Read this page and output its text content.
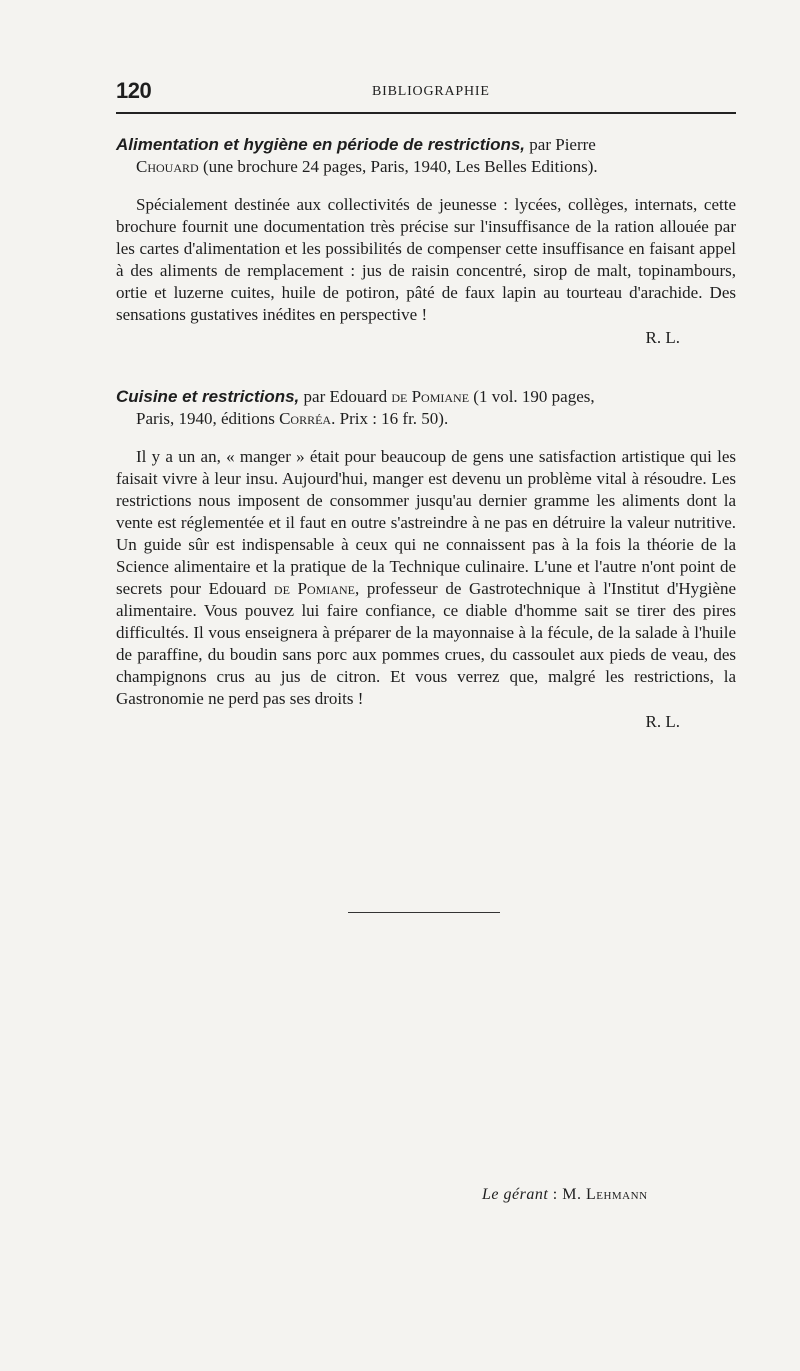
120	BIBLIOGRAPHIE

Alimentation et hygiène en période de restrictions, par Pierre
Chouard (une brochure 24 pages, Paris, 1940, Les Belles Editions).

Spécialement destinée aux collectivités de jeunesse : lycées, collèges, internats, cette brochure fournit une documentation très précise sur l'insuffisance de la ration allouée par les cartes d'alimentation et les possibilités de compenser cette insuffisance en faisant appel à des aliments de remplacement : jus de raisin concentré, sirop de malt, topinambours, ortie et luzerne cuites, huile de potiron, pâté de faux lapin au tourteau d'arachide. Des sensations gustatives inédites en perspective !

R. L.

Cuisine et restrictions, par Edouard de Pomiane (1 vol. 190 pages,
Paris, 1940, éditions Corréa. Prix : 16 fr. 50).

Il y a un an, « manger » était pour beaucoup de gens une satisfaction artistique qui les faisait vivre à leur insu. Aujourd'hui, manger est devenu un problème vital à résoudre. Les restrictions nous imposent de consommer jusqu'au dernier gramme les aliments dont la vente est réglementée et il faut en outre s'astreindre à ne pas en détruire la valeur nutritive. Un guide sûr est indispensable à ceux qui ne connaissent pas à la fois la théorie de la Science alimentaire et la pratique de la Technique culinaire. L'une et l'autre n'ont point de secrets pour Edouard de Pomiane, professeur de Gastrotechnique à l'Institut d'Hygiène alimentaire. Vous pouvez lui faire confiance, ce diable d'homme sait se tirer des pires difficultés. Il vous enseignera à préparer de la mayonnaise à la fécule, de la salade à l'huile de paraffine, du boudin sans porc aux pommes crues, du cassoulet aux pieds de veau, des champignons crus au jus de citron. Et vous verrez que, malgré les restrictions, la Gastronomie ne perd pas ses droits !

R. L.

Le gérant : M. Lehmann
